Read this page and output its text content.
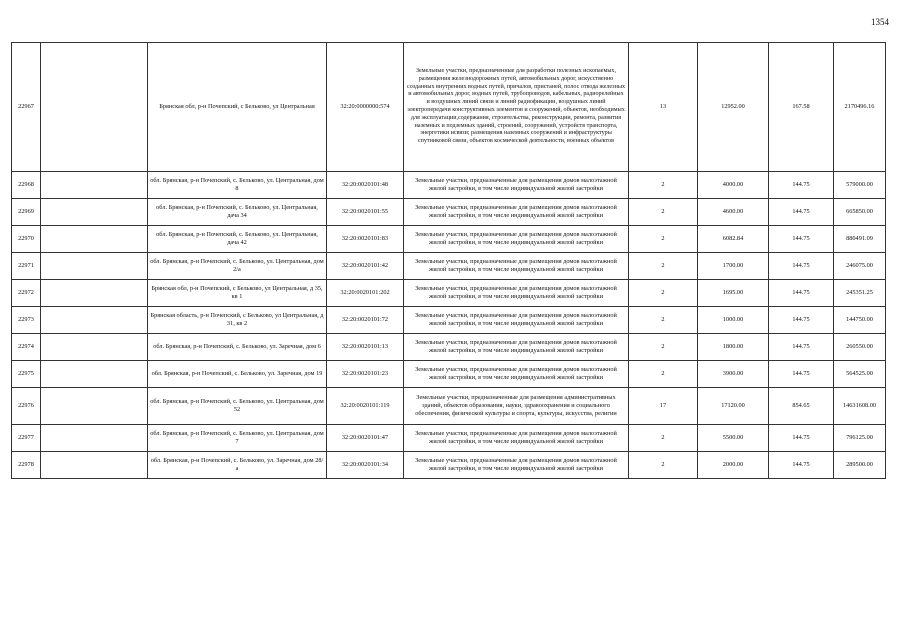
1354
22967		Брянская обл, р-н Почепский, с Бельково, ул Центральная	32:20:0000000:574	Земельные участки, предназначенные для разработки полезных ископаемых, размещения железнодорожных путей, автомобильных дорог, искусственно созданных внутренних водных путей, причалов, пристаней, полос отвода железных и автомобильных дорог, водных путей, трубопроводов, кабельных, радиорелейных и воздушных линий связи и линий радиофикации, воздушных линий электропередачи конструктивных элементов и сооружений, объектов, необходимых для эксплуатации,содержания, строительства, реконструкции, ремонта, развития наземных и подземных зданий, строений, сооружений, устройств транспорта, энергетики исвязи; размещения наземных сооружений и инфраструктуры спутниковой связи, объектов космической деятельности, военных объектов	13	12952.00	167.58	2170496.16
22968		обл. Брянская, р-н Почепский, с. Бельково, ул. Центральная, дом 8	32:20:0020101:48	Земельные участки, предназначенные для размещения домов малоэтажной жилой застройки, в том числе индивидуальной жилой застройки	2	4000.00	144.75	579000.00
22969		обл. Брянская, р-н Почепский, с. Бельково, ул. Центральная, дача 34	32:20:0020101:55	Земельные участки, предназначенные для размещения домов малоэтажной жилой застройки, в том числе индивидуальной жилой застройки	2	4600.00	144.75	665850.00
22970		обл. Брянская, р-н Почепский, с. Бельково, ул. Центральная, дача 42	32:20:0020101:83	Земельные участки, предназначенные для размещения домов малоэтажной жилой застройки, в том числе индивидуальной жилой застройки	2	6082.84	144.75	880491.09
22971		обл. Брянская, р-н Почепский, с. Бельково, ул. Центральная, дом 2/а	32:20:0020101:42	Земельные участки, предназначенные для размещения домов малоэтажной жилой застройки, в том числе индивидуальной жилой застройки	2	1700.00	144.75	246075.00
22972		Брянская обл, р-н Почепский, с Бельково, ул Центральная, д 35, кв 1	32:20:0020101:202	Земельные участки, предназначенные для размещения домов малоэтажной жилой застройки, в том числе индивидуальной жилой застройки	2	1695.00	144.75	245351.25
22973		Брянская область, р-н Почепский, с Бельково, ул Центральная, д 31, кв 2	32:20:0020101:72	Земельные участки, предназначенные для размещения домов малоэтажной жилой застройки, в том числе индивидуальной жилой застройки	2	1000.00	144.75	144750.00
22974		обл. Брянская, р-н Почепский, с. Бельково, ул. Заречная, дом 6	32:20:0020101:13	Земельные участки, предназначенные для размещения домов малоэтажной жилой застройки, в том числе индивидуальной жилой застройки	2	1800.00	144.75	260550.00
22975		обл. Брянская, р-н Почепский, с. Бельково, ул. Заречная, дом 19	32:20:0020101:23	Земельные участки, предназначенные для размещения домов малоэтажной жилой застройки, в том числе индивидуальной жилой застройки	2	3900.00	144.75	564525.00
22976		обл. Брянская, р-н Почепский, с. Бельково, ул. Центральная, дом 52	32:20:0020101:119	Земельные участки, предназначенные для размещения административных зданий, объектов образования, науки, здравоохранения и социального обеспечения, физической культуры и спорта, культуры, искусства, религии	17	17120.00	854.65	14631608.00
22977		обл. Брянская, р-н Почепский, с. Бельково, ул. Центральная, дом 7	32:20:0020101:47	Земельные участки, предназначенные для размещения домов малоэтажной жилой застройки, в том числе индивидуальной жилой застройки	2	5500.00	144.75	796125.00
22978		обл. Брянская, р-н Почепский, с. Бельково, ул. Заречная, дом 28/а	32:20:0020101:34	Земельные участки, предназначенные для размещения домов малоэтажной жилой застройки, в том числе индивидуальной жилой застройки	2	2000.00	144.75	289500.00
